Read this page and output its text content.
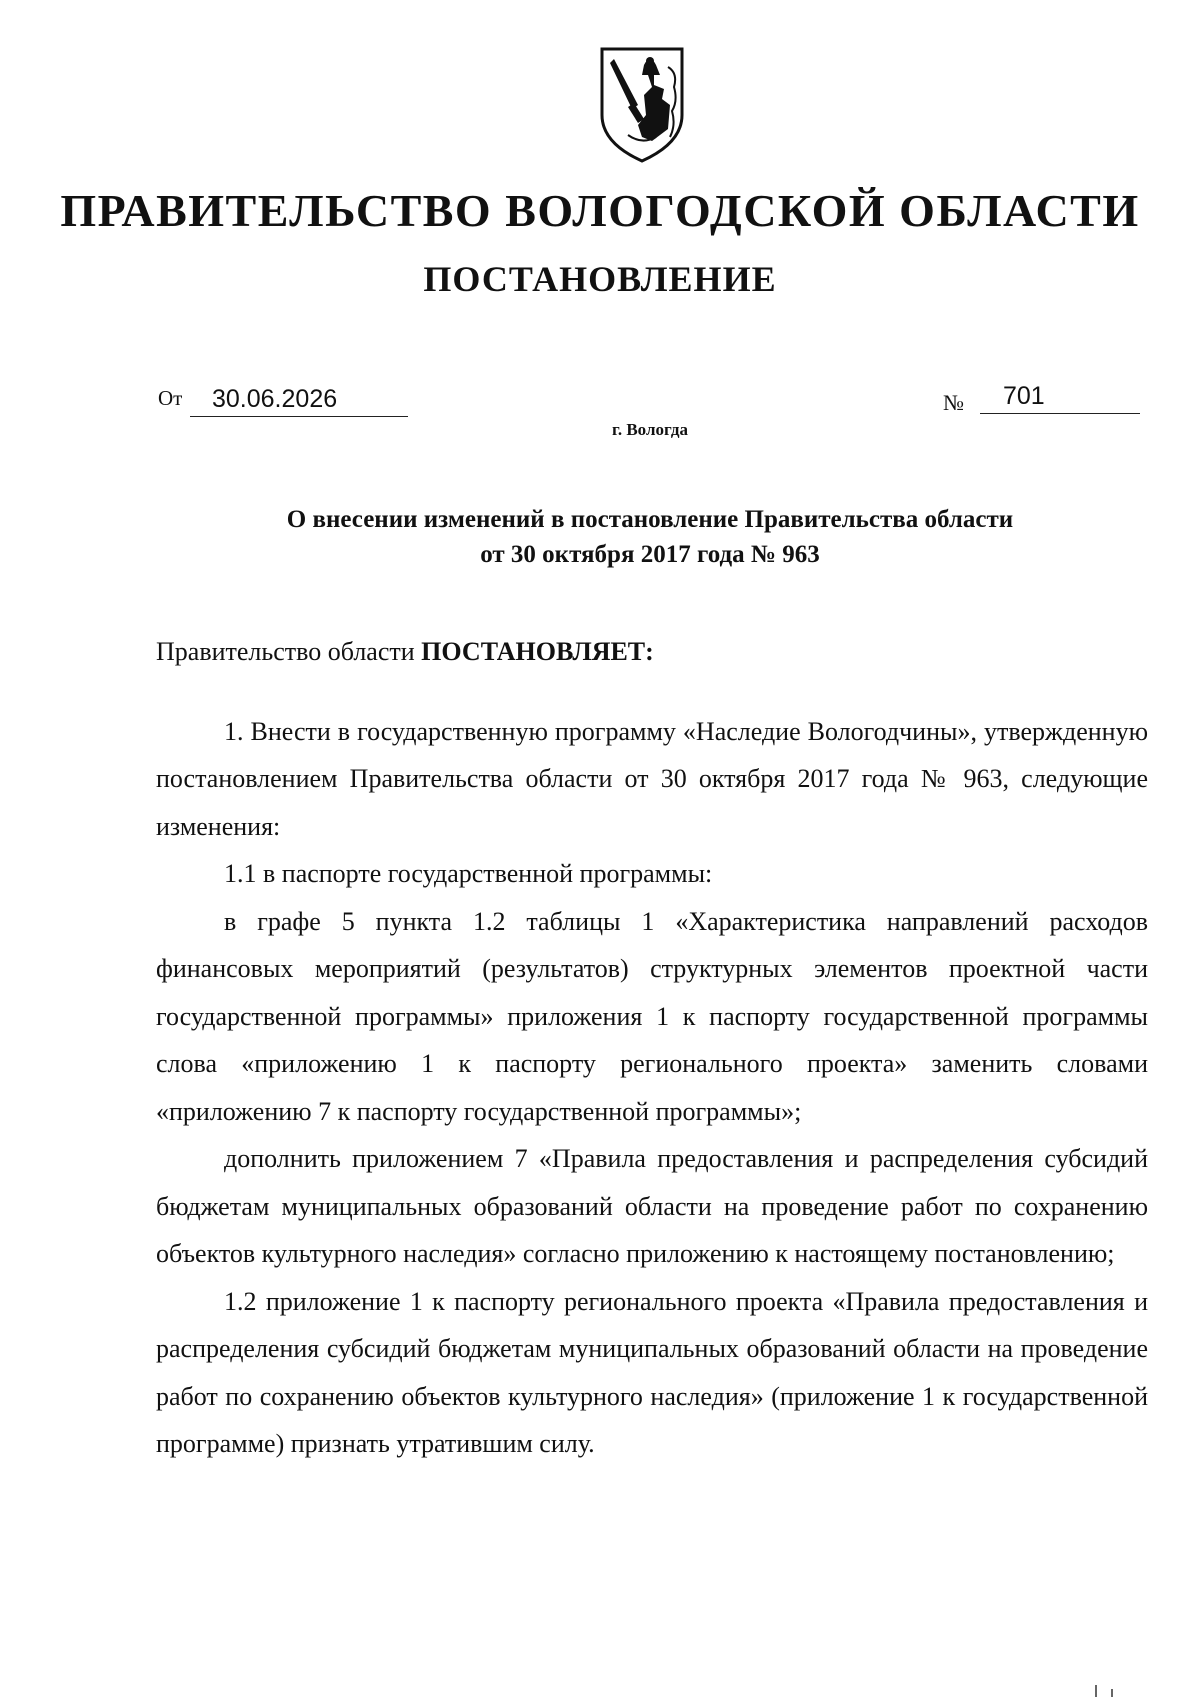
ПРАВИТЕЛЬСТВО ВОЛОГОДСКОЙ ОБЛАСТИ
ПОСТАНОВЛЕНИЕ
От	30.06.2026	№ 701
г. Вологда
О внесении изменений в постановление Правительства области
от 30 октября 2017 года № 963

Правительство области ПОСТАНОВЛЯЕТ:

1. Внести в государственную программу «Наследие Вологодчины», утвержденную постановлением Правительства области от 30 октября 2017 года № 963, следующие изменения:

1.1 в паспорте государственной программы:

в графе 5 пункта 1.2 таблицы 1 «Характеристика направлений расходов финансовых мероприятий (результатов) структурных элементов проектной части государственной программы» приложения 1 к паспорту государственной программы слова «приложению 1 к паспорту регионального проекта» заменить словами «приложению 7 к паспорту государственной программы»;

дополнить приложением 7 «Правила предоставления и распределения субсидий бюджетам муниципальных образований области на проведение работ по сохранению объектов культурного наследия» согласно приложению к настоящему постановлению;

1.2 приложение 1 к паспорту регионального проекта «Правила предоставления и распределения субсидий бюджетам муниципальных образований области на проведение работ по сохранению объектов культурного наследия» (приложение 1 к государственной программе) признать утратившим силу.
